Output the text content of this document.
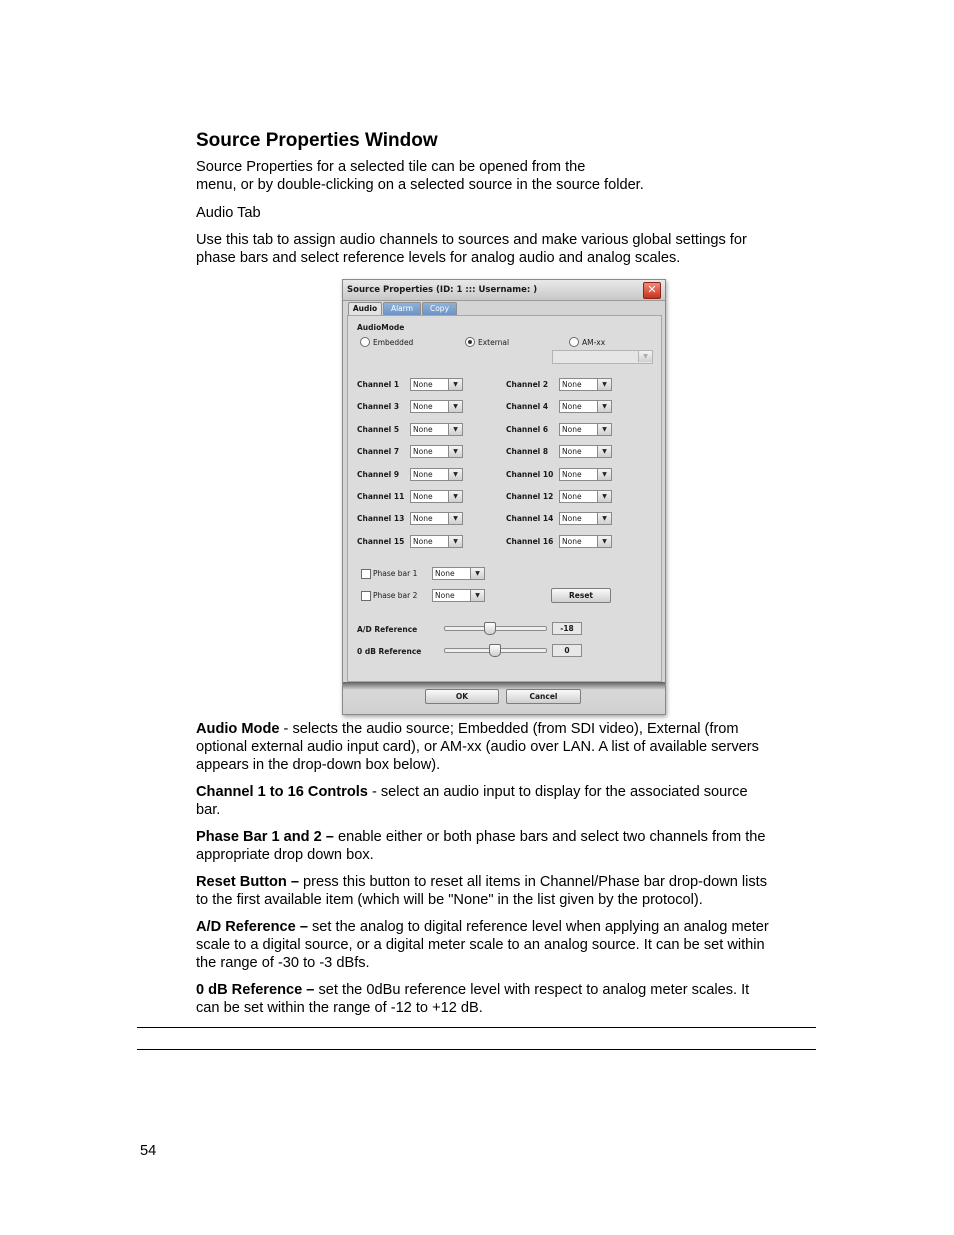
Source Properties Window

Source Properties for a selected tile can be opened from the
menu, or by double-clicking on a selected source in the source folder.

Audio Tab

Use this tab to assign audio channels to sources and make various global settings for
phase bars and select reference levels for analog audio and analog scales.

Source Properties (ID: 1 ::: Username: )	✕
Audio	Alarm	Copy
AudioMode
Embedded	External	AM-xx
▼
Channel 1 None	▼	Channel 2 None	▼
Channel 3 None	▼	Channel 4 None	▼
Channel 5 None	▼	Channel 6 None	▼
Channel 7 None	▼	Channel 8 None	▼
Channel 9 None	▼	Channel 10 None	▼
Channel 11 None	▼	Channel 12 None	▼
Channel 13 None	▼	Channel 14 None	▼
Channel 15 None	▼	Channel 16 None	▼
Phase bar 1 None	▼
Phase bar 2 None	▼	Reset
A/D Reference	-18
0 dB Reference	0
OK	Cancel

Audio Mode - selects the audio source; Embedded (from SDI video), External (from
optional external audio input card), or AM-xx (audio over LAN. A list of available servers
appears in the drop-down box below).

Channel 1 to 16 Controls - select an audio input to display for the associated source
bar.

Phase Bar 1 and 2 – enable either or both phase bars and select two channels from the
appropriate drop down box.

Reset Button – press this button to reset all items in Channel/Phase bar drop-down lists
to the first available item (which will be "None" in the list given by the protocol).

A/D Reference – set the analog to digital reference level when applying an analog meter
scale to a digital source, or a digital meter scale to an analog source. It can be set within
the range of -30 to -3 dBfs.

0 dB Reference – set the 0dBu reference level with respect to analog meter scales. It
can be set within the range of -12 to +12 dB.

54
